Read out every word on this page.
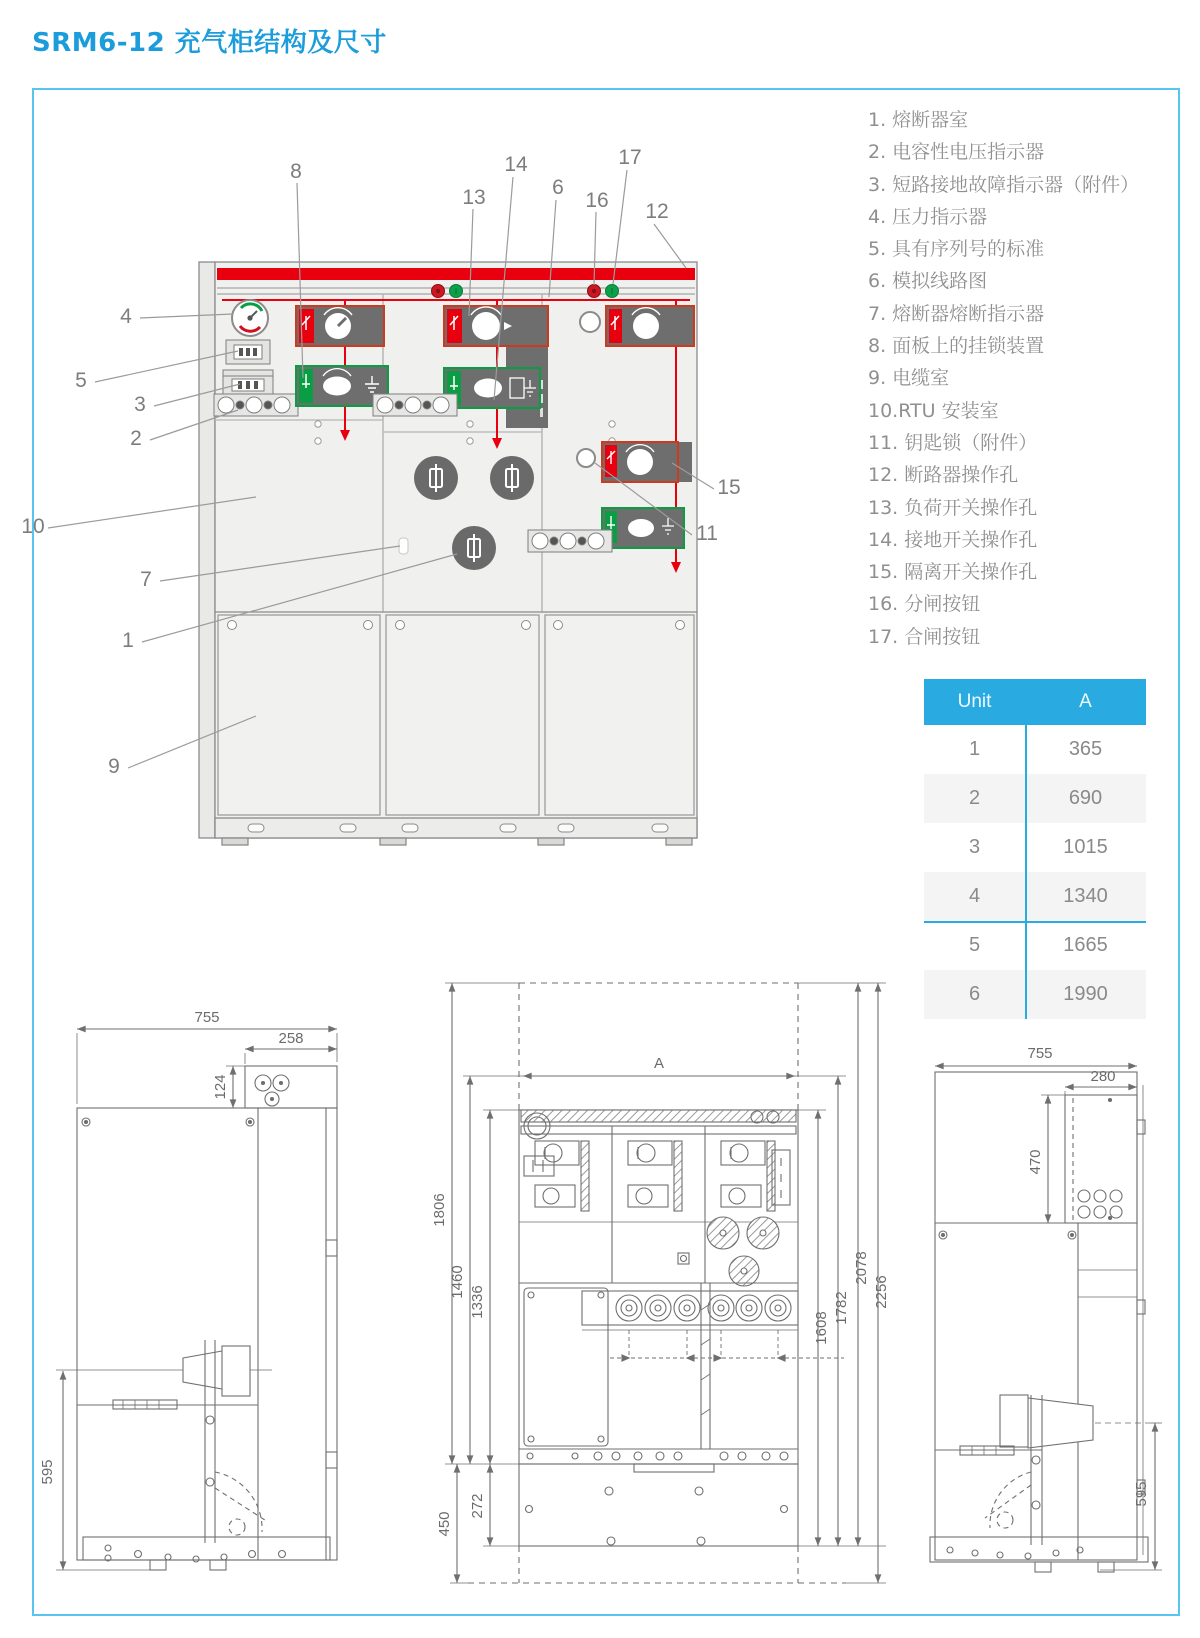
SRM6-12 充气柜结构及尺寸
8
13
14
6
16
17
12
4
5
3
2
10
7
1
9
15
11
1. 熔断器室
2. 电容性电压指示器
3. 短路接地故障指示器（附件）
4. 压力指示器
5. 具有序列号的标准
6. 模拟线路图
7. 熔断器熔断指示器
8. 面板上的挂锁装置
9. 电缆室
10.RTU 安装室
11. 钥匙锁（附件）
12. 断路器操作孔
13. 负荷开关操作孔
14. 接地开关操作孔
15. 隔离开关操作孔
16. 分闸按钮
17. 合闸按钮
Unit	A
1	365
2	690
3	1015
4	1340
5	1665
6	1990
755
258
124
595
A
1806
1460
1336
450
272
1608
1782
2078
2256
755
280
470
595
